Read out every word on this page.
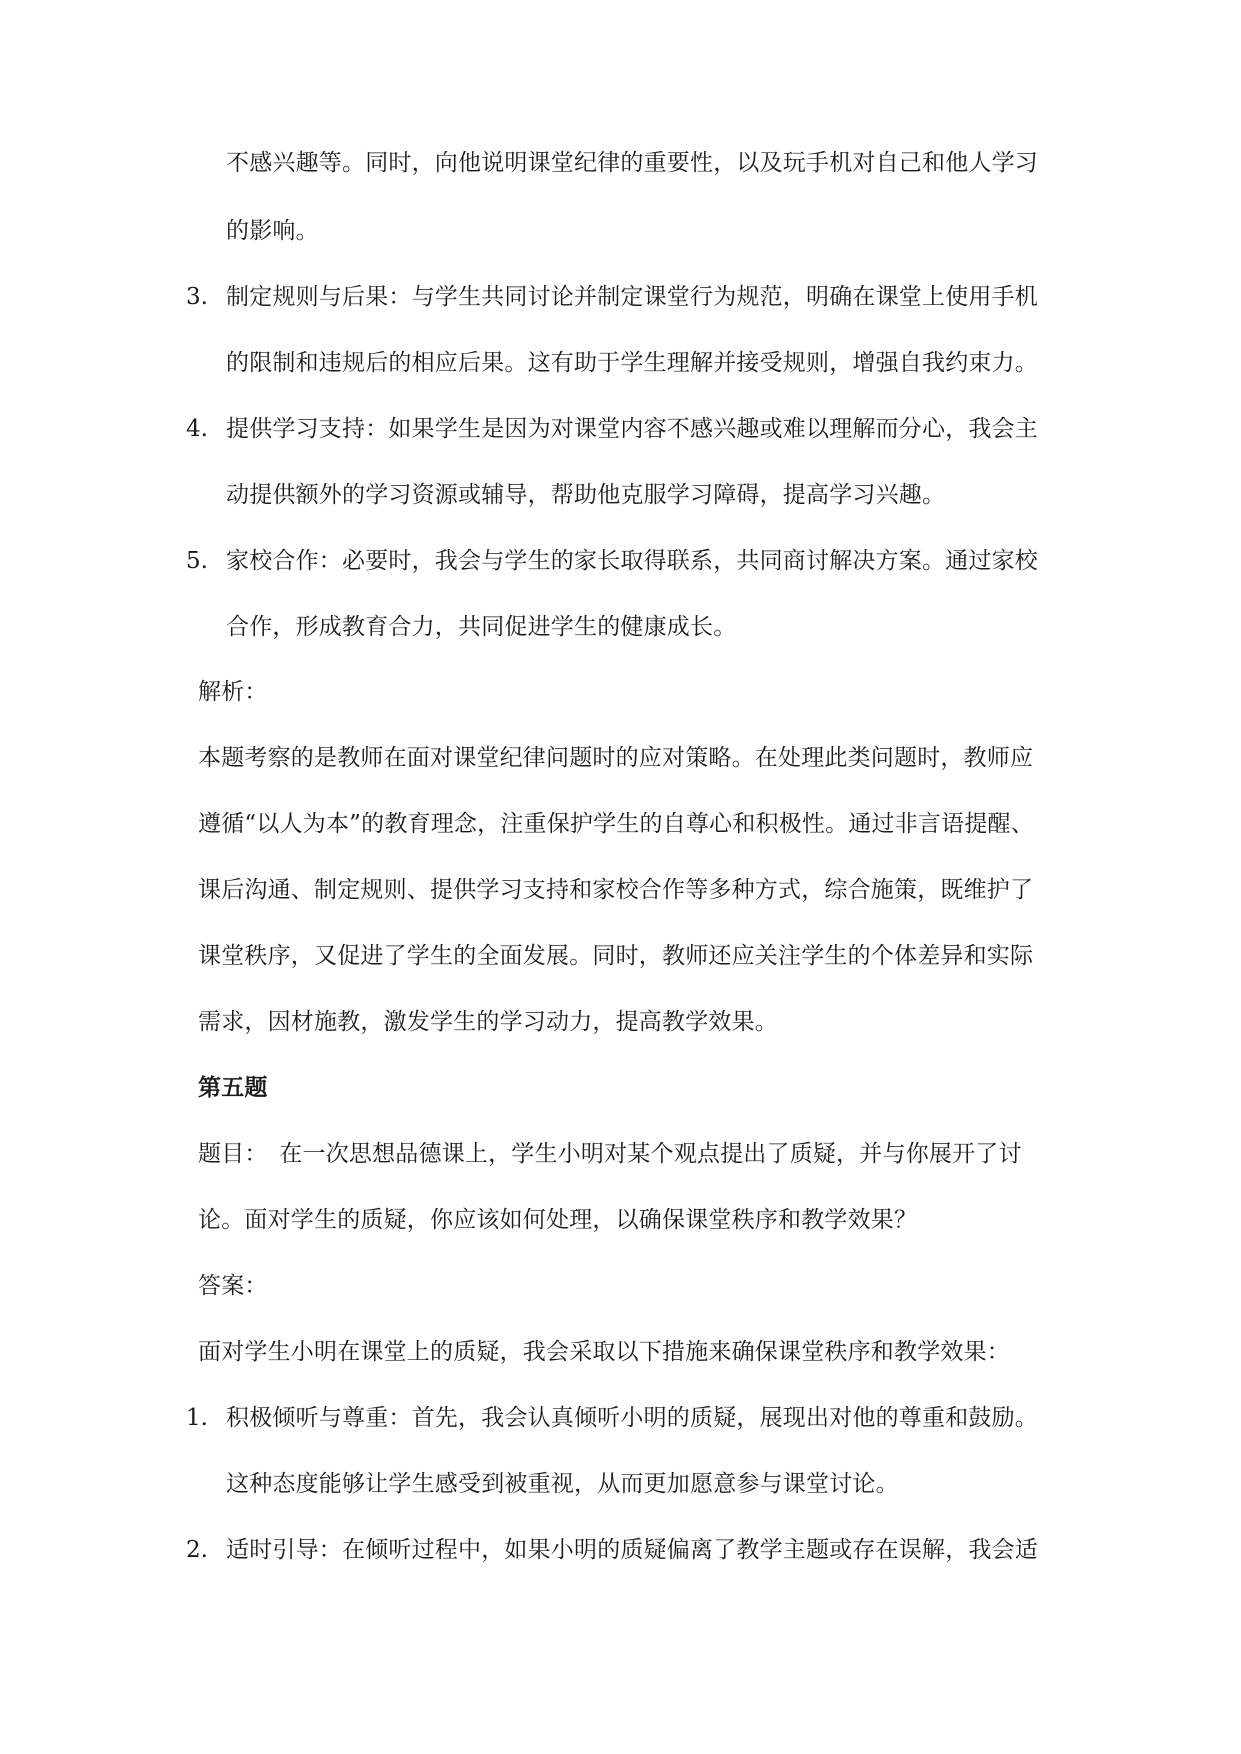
不感兴趣等。同时，向他说明课堂纪律的重要性，以及玩手机对自己和他人学习
的影响。
3. 制定规则与后果：与学生共同讨论并制定课堂行为规范，明确在课堂上使用手机
的限制和违规后的相应后果。这有助于学生理解并接受规则，增强自我约束力。
4. 提供学习支持：如果学生是因为对课堂内容不感兴趣或难以理解而分心，我会主
动提供额外的学习资源或辅导，帮助他克服学习障碍，提高学习兴趣。
5. 家校合作：必要时，我会与学生的家长取得联系，共同商讨解决方案。通过家校
合作，形成教育合力，共同促进学生的健康成长。
解析：
本题考察的是教师在面对课堂纪律问题时的应对策略。在处理此类问题时，教师应
遵循“以人为本”的教育理念，注重保护学生的自尊心和积极性。通过非言语提醒、
课后沟通、制定规则、提供学习支持和家校合作等多种方式，综合施策，既维护了
课堂秩序，又促进了学生的全面发展。同时，教师还应关注学生的个体差异和实际
需求，因材施教，激发学生的学习动力，提高教学效果。
第五题
题目：　在一次思想品德课上，学生小明对某个观点提出了质疑，并与你展开了讨
论。面对学生的质疑，你应该如何处理，以确保课堂秩序和教学效果？
答案：
面对学生小明在课堂上的质疑，我会采取以下措施来确保课堂秩序和教学效果：
1. 积极倾听与尊重：首先，我会认真倾听小明的质疑，展现出对他的尊重和鼓励。
这种态度能够让学生感受到被重视，从而更加愿意参与课堂讨论。
2. 适时引导：在倾听过程中，如果小明的质疑偏离了教学主题或存在误解，我会适
